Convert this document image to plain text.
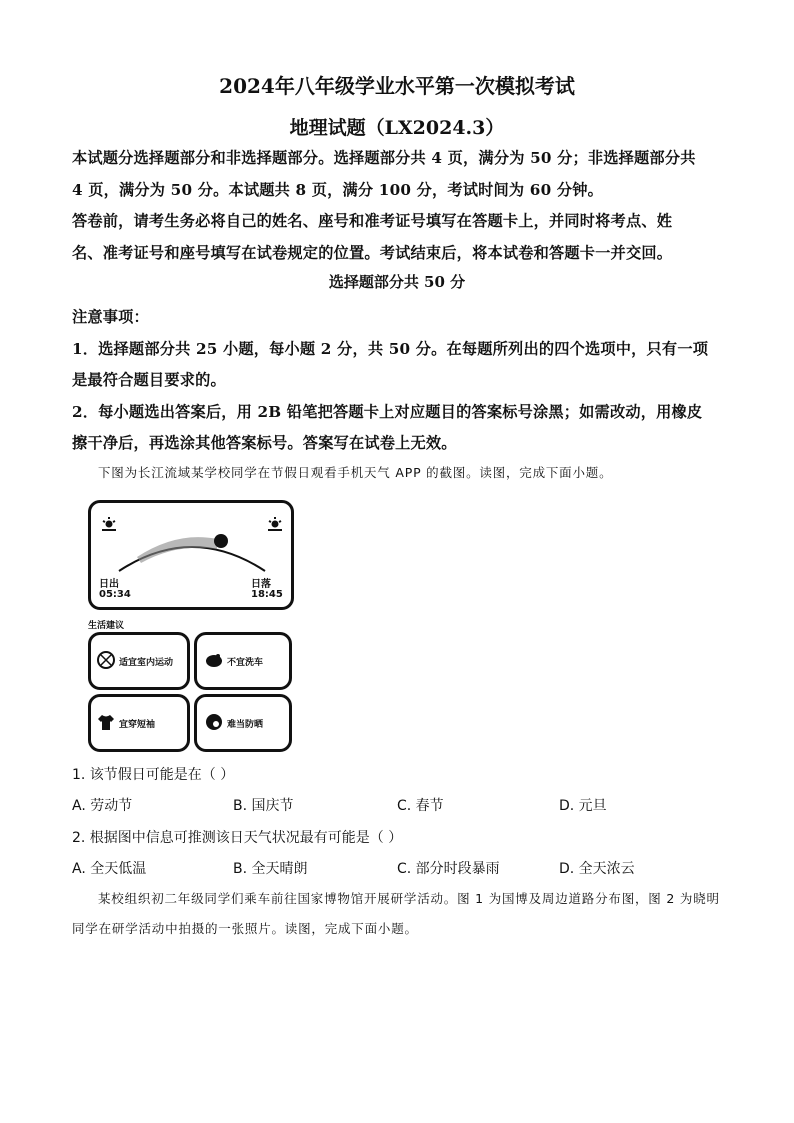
2024年八年级学业水平第一次模拟考试
地理试题（LX2024.3）
本试题分选择题部分和非选择题部分。选择题部分共 4 页，满分为 50 分；非选择题部分共
4 页，满分为 50 分。本试题共 8 页，满分 100 分，考试时间为 60 分钟。
答卷前，请考生务必将自己的姓名、座号和准考证号填写在答题卡上，并同时将考点、姓
名、准考证号和座号填写在试卷规定的位置。考试结束后，将本试卷和答题卡一并交回。
选择题部分共 50 分
注意事项：
1．选择题部分共 25 小题，每小题 2 分，共 50 分。在每题所列出的四个选项中，只有一项
是最符合题目要求的。
2．每小题选出答案后，用 2B 铅笔把答题卡上对应题目的答案标号涂黑；如需改动，用橡皮
擦干净后，再选涂其他答案标号。答案写在试卷上无效。
下图为长江流域某学校同学在节假日观看手机天气 APP 的截图。读图，完成下面小题。
日出
05:34
日落
18:45
生活建议
适宜室内运动	不宜洗车
宜穿短袖	难当防晒
1. 该节假日可能是在（ ）
A. 劳动节	B. 国庆节	C. 春节	D. 元旦
2. 根据图中信息可推测该日天气状况最有可能是（ ）
A. 全天低温	B. 全天晴朗	C. 部分时段暴雨	D. 全天浓云
某校组织初二年级同学们乘车前往国家博物馆开展研学活动。图 1 为国博及周边道路分布图，图 2 为晓明同学在研学活动中拍摄的一张照片。读图，完成下面小题。
